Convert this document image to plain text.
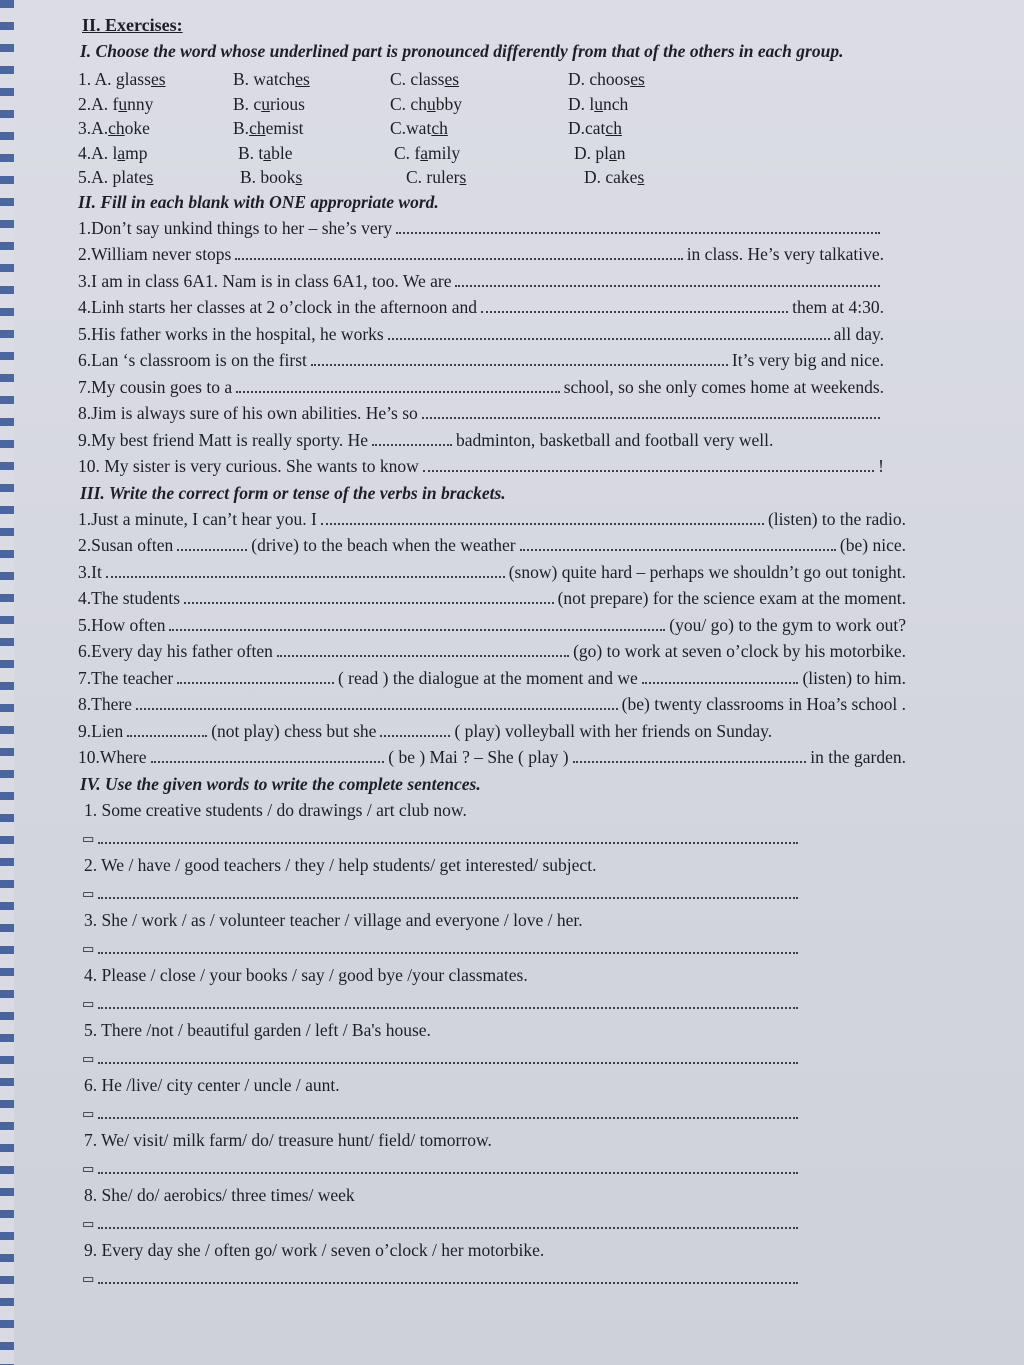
II. Exercises:
I. Choose the word whose underlined part is pronounced differently from that of the others in each group.
1. A. glasses	B. watches	C. classes	D. chooses
2.A. funny	B. curious	C. chubby	D. lunch
3.A.choke	B.chemist	C.watch	D.catch
4.A. lamp	B. table	C. family	D. plan
5.A. plates	B. books	C. rulers	D. cakes
II. Fill in each blank with ONE appropriate word.
1.Don’t say unkind things to her – she’s very
2.William never stops	in class. He’s very talkative.
3.I am in class 6A1. Nam is in class 6A1, too. We are
4.Linh starts her classes at 2 o’clock in the afternoon and	them at 4:30.
5.His father works in the hospital, he works	all day.
6.Lan ‘s classroom is on the first	It’s very big and nice.
7.My cousin goes to a	school, so she only comes home at weekends.
8.Jim is always sure of his own abilities. He’s so
9.My best friend Matt is really sporty. He	badminton, basketball and football very well.
10. My sister is very curious. She wants to know	!
III. Write the correct form or tense of the verbs in brackets.
1.Just a minute, I can’t hear you. I	(listen) to the radio.
2.Susan often	(drive) to the beach when the weather	(be) nice.
3.It	(snow) quite hard – perhaps we shouldn’t go out tonight.
4.The students	(not prepare) for the science exam at the moment.
5.How often	(you/ go) to the gym to work out?
6.Every day his father often	(go) to work at seven o’clock by his motorbike.
7.The teacher	( read ) the dialogue at the moment and we	(listen) to him.
8.There	(be) twenty classrooms in Hoa’s school .
9.Lien	(not play) chess but she	( play) volleyball with her friends on Sunday.
10.Where	( be ) Mai ? – She ( play )	in the garden.
IV. Use the given words to write the complete sentences.
1. Some creative students / do drawings / art club now.
▭
2. We / have / good teachers / they / help students/ get interested/ subject.
▭
3. She / work / as / volunteer teacher / village and everyone / love / her.
▭
4. Please / close / your books / say / good bye /your classmates.
▭
5. There /not / beautiful garden / left / Ba's house.
▭
6. He /live/ city center / uncle / aunt.
▭
7. We/ visit/ milk farm/ do/ treasure hunt/ field/ tomorrow.
▭
8. She/ do/ aerobics/ three times/ week
▭
9. Every day she / often go/ work / seven o’clock / her motorbike.
▭
